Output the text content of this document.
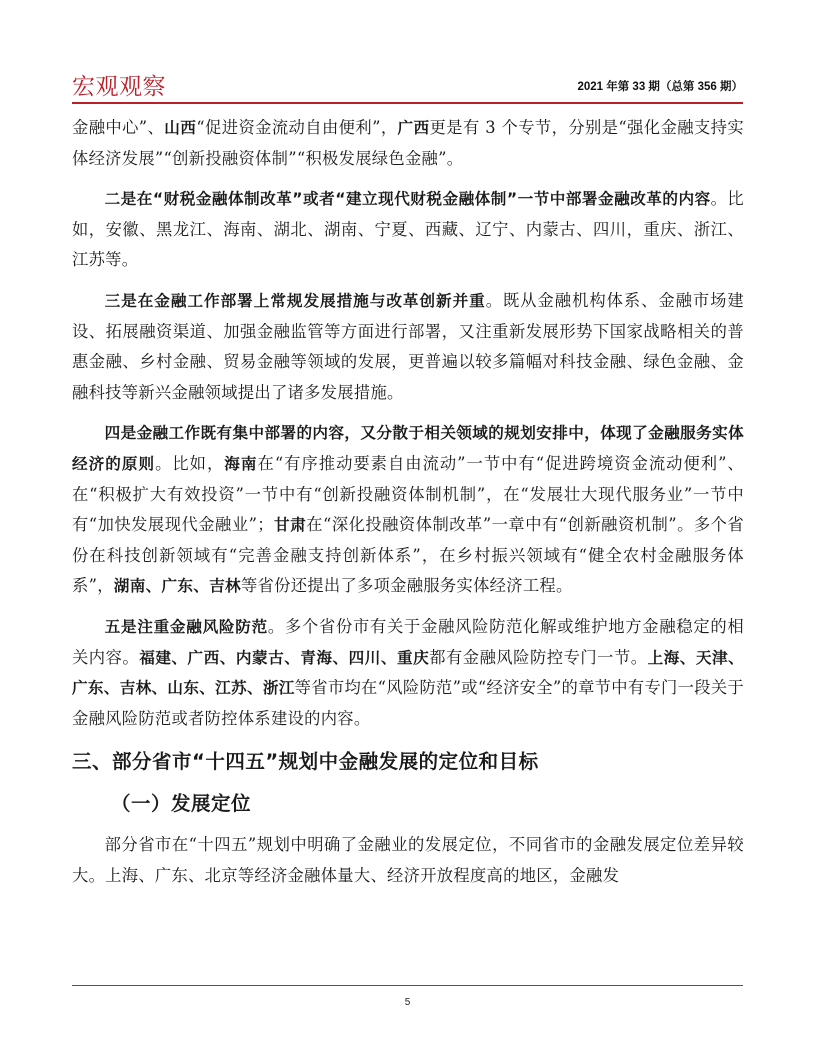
宏观观察	2021 年第 33 期（总第 356 期）

金融中心”、山西“促进资金流动自由便利”，广西更是有 3 个专节，分别是“强化金融支持实体经济发展”“创新投融资体制”“积极发展绿色金融”。

二是在“财税金融体制改革”或者“建立现代财税金融体制”一节中部署金融改革的内容。比如，安徽、黑龙江、海南、湖北、湖南、宁夏、西藏、辽宁、内蒙古、四川，重庆、浙江、江苏等。

三是在金融工作部署上常规发展措施与改革创新并重。既从金融机构体系、金融市场建设、拓展融资渠道、加强金融监管等方面进行部署，又注重新发展形势下国家战略相关的普惠金融、乡村金融、贸易金融等领域的发展，更普遍以较多篇幅对科技金融、绿色金融、金融科技等新兴金融领域提出了诸多发展措施。

四是金融工作既有集中部署的内容，又分散于相关领域的规划安排中，体现了金融服务实体经济的原则。比如，海南在“有序推动要素自由流动”一节中有“促进跨境资金流动便利”、在“积极扩大有效投资”一节中有“创新投融资体制机制”，在“发展壮大现代服务业”一节中有“加快发展现代金融业”；甘肃在“深化投融资体制改革”一章中有“创新融资机制”。多个省份在科技创新领域有“完善金融支持创新体系”，在乡村振兴领域有“健全农村金融服务体系”，湖南、广东、吉林等省份还提出了多项金融服务实体经济工程。

五是注重金融风险防范。多个省份市有关于金融风险防范化解或维护地方金融稳定的相关内容。福建、广西、内蒙古、青海、四川、重庆都有金融风险防控专门一节。上海、天津、广东、吉林、山东、江苏、浙江等省市均在“风险防范”或“经济安全”的章节中有专门一段关于金融风险防范或者防控体系建设的内容。

三、部分省市“十四五”规划中金融发展的定位和目标
（一）发展定位

部分省市在“十四五”规划中明确了金融业的发展定位，不同省市的金融发展定位差异较大。上海、广东、北京等经济金融体量大、经济开放程度高的地区，金融发

5
